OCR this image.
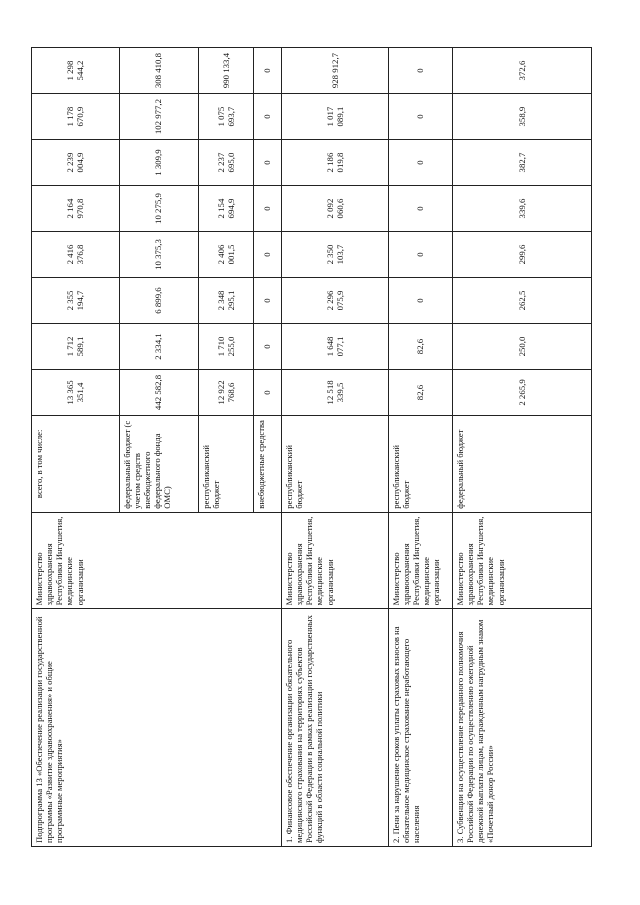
Подпрограмма 13 «Обеспечение реализации государственной программы «Развитие здравоохранения» и общие программные мероприятия»	Министерство здравоохранения Республики Ингушетия, медицинские организации	всего, в том числе:	13 365 351,4	1 712 589,1	2 355 194,7	2 416 376,8	2 164 970,8	2 239 004,9	1 178 670,9	1 298 544,2
		федеральный бюджет (с учетом средств внебюджетного федерального фонда ОМС)	442 582,8	2 334,1	6 899,6	10 375,3	10 275,9	1 309,9	102 977,2	308 410,8
		республиканский бюджет	12 922 768,6	1 710 255,0	2 348 295,1	2 406 001,5	2 154 694,9	2 237 695,0	1 075 693,7	990 133,4
		внебюджетные средства	0	0	0	0	0	0	0	0
1. Финансовое обеспечение организации обязательного медицинского страхования на территориях субъектов Российской Федерации в рамках реализации государственных функций в области социальной политики	Министерство здравоохранения Республики Ингушетия, медицинские организации	республиканский бюджет	12 518 339,5	1 648 077,1	2 296 075,9	2 350 103,7	2 092 060,6	2 186 019,8	1 017 089,1	928 912,7
2. Пени за нарушение сроков уплаты страховых взносов на обязательное медицинское страхование неработающего населения	Министерство здравоохранения Республики Ингушетия, медицинские организации	республиканский бюджет	82,6	82,6	0	0	0	0	0	0
3. Субвенции на осуществление переданного полномочия Российской Федерации по осуществлению ежегодной денежной выплаты лицам, награжденным нагрудным знаком «Почетный донор России»	Министерство здравоохранения Республики Ингушетия, медицинские организации	федеральный бюджет	2 265,9	250,0	262,5	299,6	339,6	382,7	358,9	372,6
